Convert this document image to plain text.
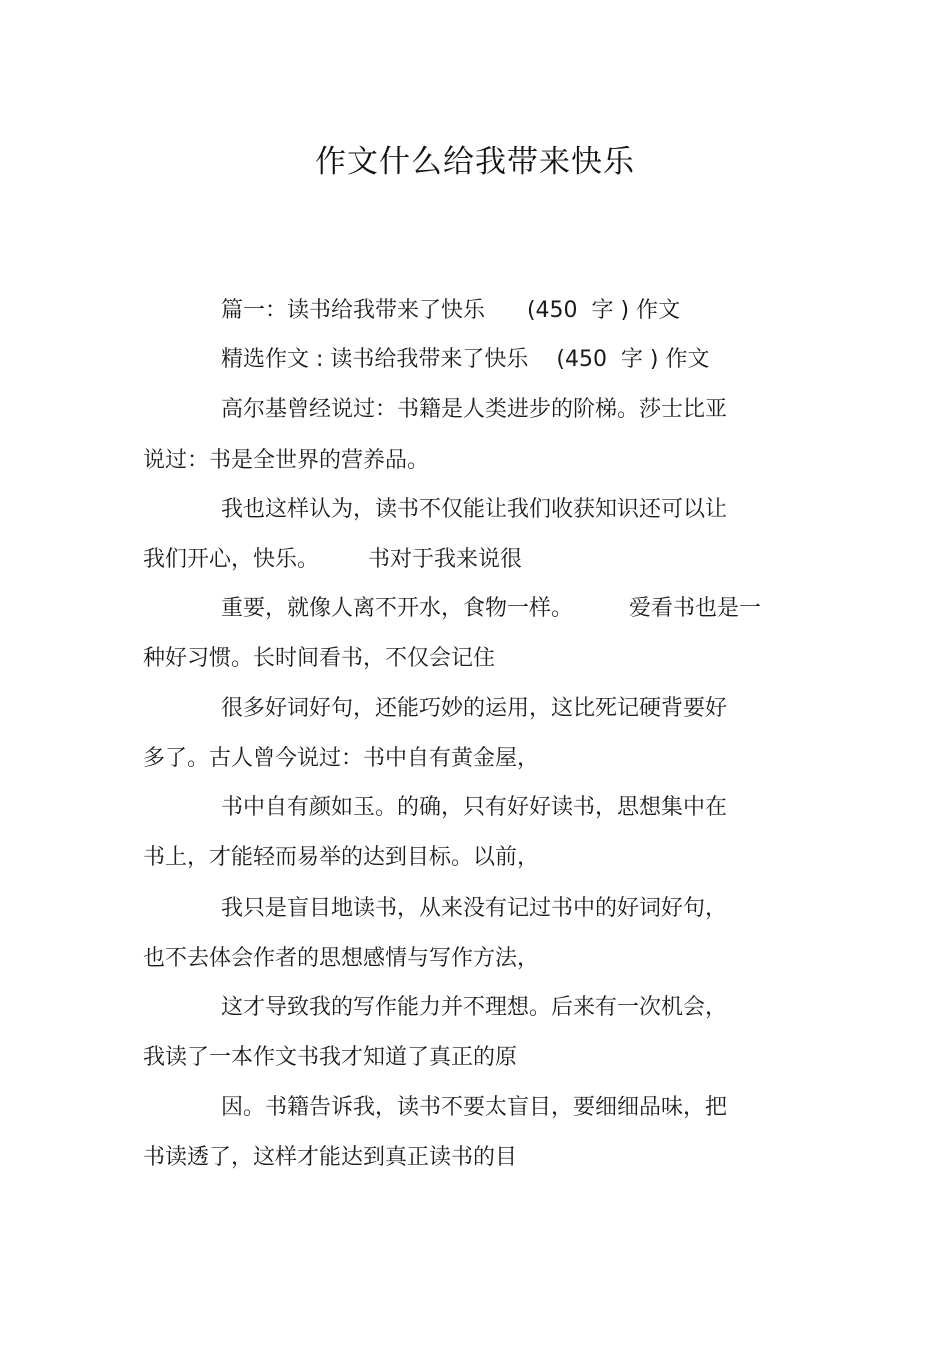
作文什么给我带来快乐
篇一：读书给我带来了快乐      (450  字 ) 作文
精选作文 : 读书给我带来了快乐    (450  字 ) 作文
高尔基曾经说过：书籍是人类进步的阶梯。莎士比亚
说过：书是全世界的营养品。
我也这样认为，读书不仅能让我们收获知识还可以让
我们开心，快乐。       书对于我来说很
重要，就像人离不开水，食物一样。        爱看书也是一
种好习惯。长时间看书，不仅会记住
很多好词好句，还能巧妙的运用，这比死记硬背要好
多了。古人曾今说过：书中自有黄金屋，
书中自有颜如玉。的确，只有好好读书，思想集中在
书上，才能轻而易举的达到目标。以前，
我只是盲目地读书，从来没有记过书中的好词好句，
也不去体会作者的思想感情与写作方法，
这才导致我的写作能力并不理想。后来有一次机会，
我读了一本作文书我才知道了真正的原
因。书籍告诉我，读书不要太盲目，要细细品味，把
书读透了，这样才能达到真正读书的目
